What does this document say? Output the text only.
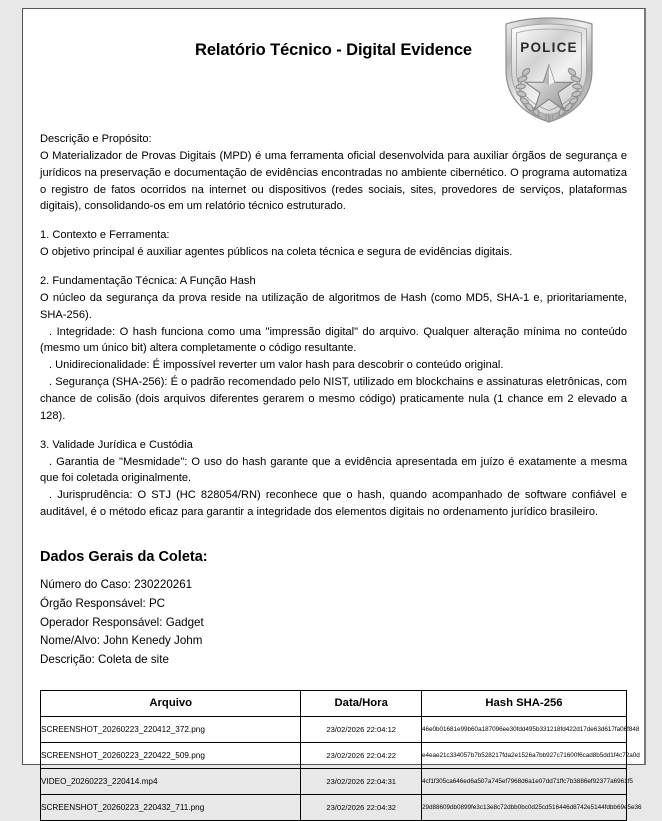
Relatório Técnico - Digital Evidence	POLICE

Descrição e Propósito:

O Materializador de Provas Digitais (MPD) é uma ferramenta oficial desenvolvida para auxiliar órgãos de segurança e jurídicos na preservação e documentação de evidências encontradas no ambiente cibernético. O programa automatiza o registro de fatos ocorridos na internet ou dispositivos (redes sociais, sites, provedores de serviços, plataformas digitais), consolidando-os em um relatório técnico estruturado.

1. Contexto e Ferramenta:

O objetivo principal é auxiliar agentes públicos na coleta técnica e segura de evidências digitais.

2. Fundamentação Técnica: A Função Hash

O núcleo da segurança da prova reside na utilização de algoritmos de Hash (como MD5, SHA-1 e, prioritariamente, SHA-256).

. Integridade: O hash funciona como uma "impressão digital" do arquivo. Qualquer alteração mínima no conteúdo (mesmo um único bit) altera completamente o código resultante.

. Unidirecionalidade: É impossível reverter um valor hash para descobrir o conteúdo original.

. Segurança (SHA-256): É o padrão recomendado pelo NIST, utilizado em blockchains e assinaturas eletrônicas, com chance de colisão (dois arquivos diferentes gerarem o mesmo código) praticamente nula (1 chance em 2 elevado a 128).

3. Validade Jurídica e Custódia

. Garantia de "Mesmidade": O uso do hash garante que a evidência apresentada em juízo é exatamente a mesma que foi coletada originalmente.

. Jurisprudência: O STJ (HC 828054/RN) reconhece que o hash, quando acompanhado de software confiável e auditável, é o método eficaz para garantir a integridade dos elementos digitais no ordenamento jurídico brasileiro.

Dados Gerais da Coleta:
Número do Caso: 230220261
Órgão Responsável: PC
Operador Responsável: Gadget
Nome/Alvo: John Kenedy Johm
Descrição: Coleta de site
Arquivo	Data/Hora	Hash SHA-256
SCREENSHOT_20260223_220412_372.png	23/02/2026 22:04:12	46e0b01681e99b60a187096ee30fdd495b331218fd422d17de63d617fa06f848
SCREENSHOT_20260223_220422_509.png	23/02/2026 22:04:22	e4eae21c334057b7b528217fda2e1526a7bb927c71600f6cad8b5dd1f4c72a0d
VIDEO_20260223_220414.mp4	23/02/2026 22:04:31	4cf1f305ca646ed6a507a745ef7968d6a1e07dd71ffc7b3886ef92377a6961f5
SCREENSHOT_20260223_220432_711.png	23/02/2026 22:04:32	29d88609db0899fe3c13e8c72dbb0bc0d25cd516446d8742e5144fdbb69e5e36
